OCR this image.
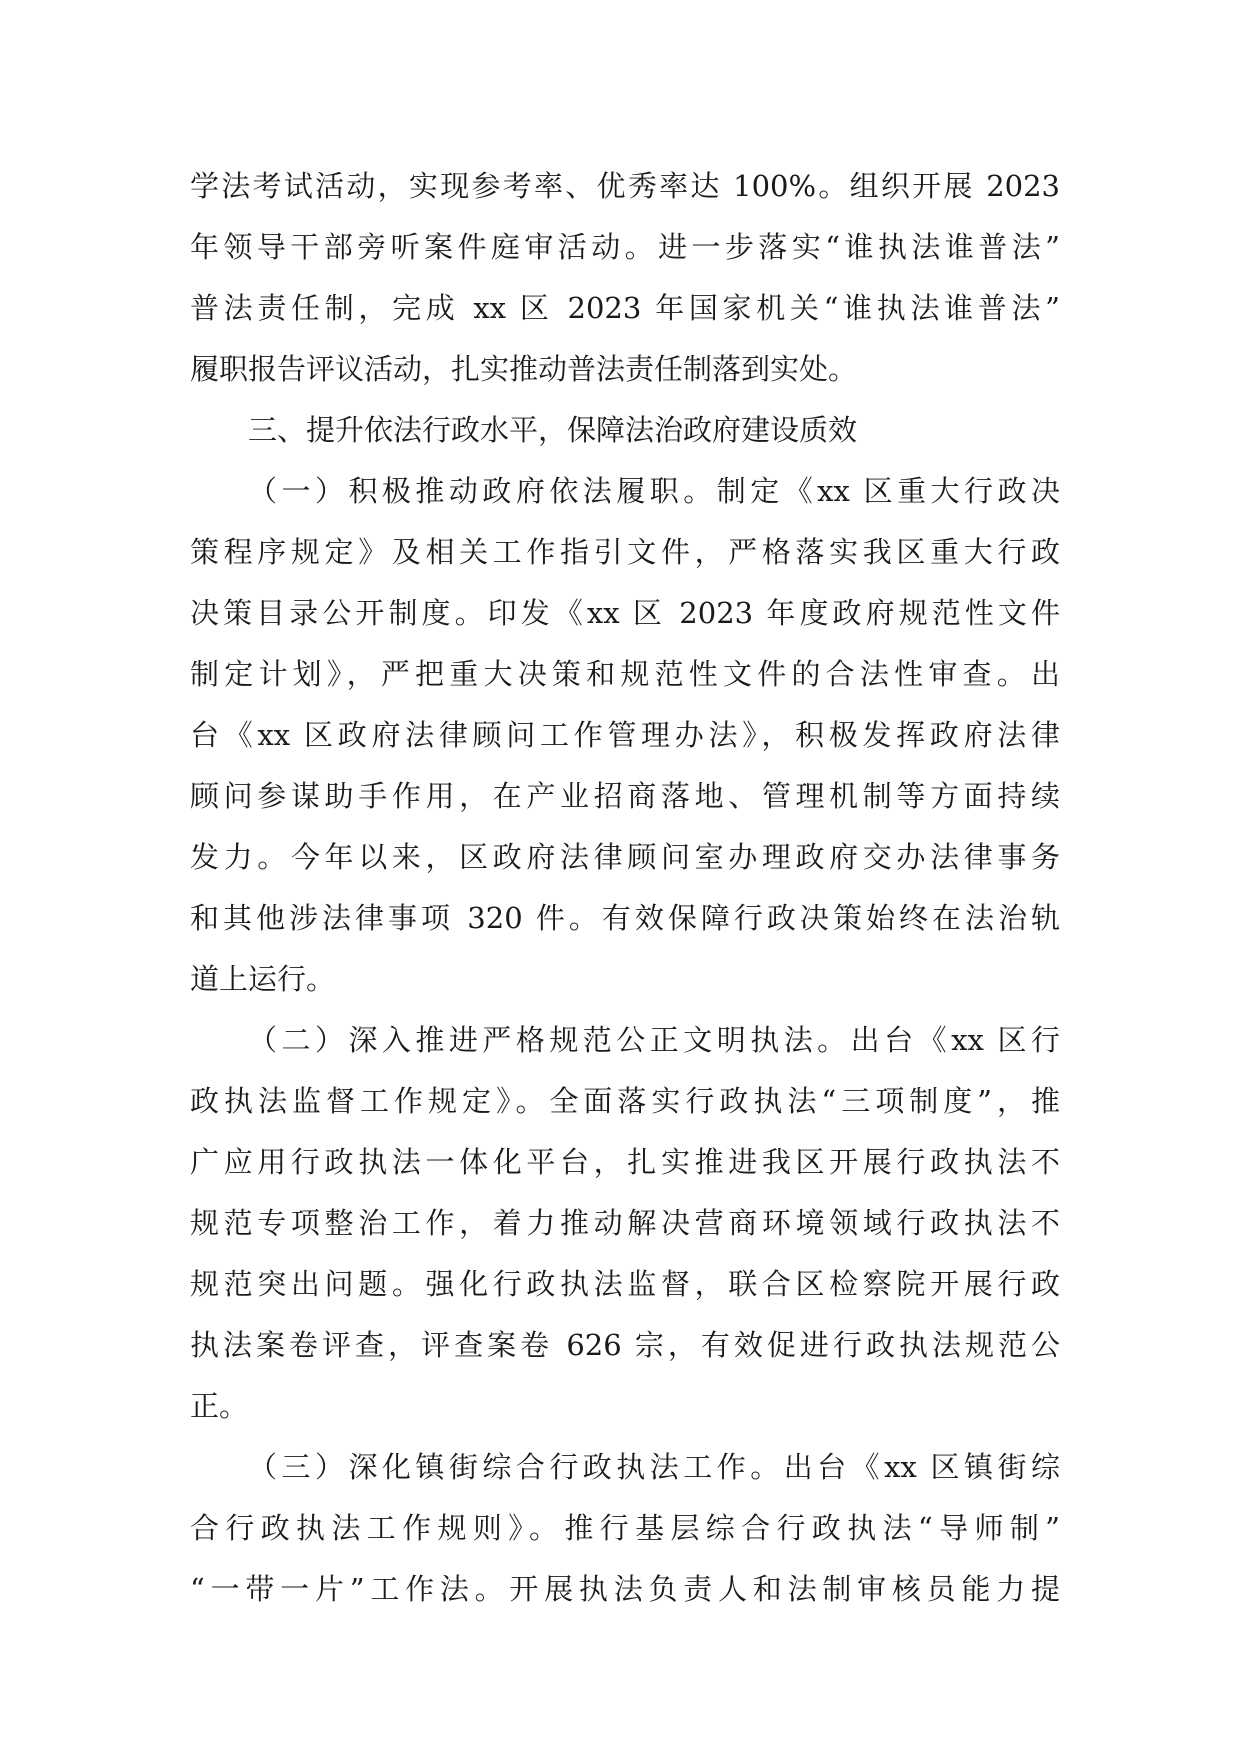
学法考试活动，实现参考率、优秀率达 100%。组织开展 2023
年领导干部旁听案件庭审活动。进一步落实“谁执法谁普法”
普法责任制，完成 xx 区 2023 年国家机关“谁执法谁普法”
履职报告评议活动，扎实推动普法责任制落到实处。
三、提升依法行政水平，保障法治政府建设质效
（一）积极推动政府依法履职。制定《xx 区重大行政决
策程序规定》及相关工作指引文件，严格落实我区重大行政
决策目录公开制度。印发《xx 区 2023 年度政府规范性文件
制定计划》，严把重大决策和规范性文件的合法性审查。出
台《xx 区政府法律顾问工作管理办法》，积极发挥政府法律
顾问参谋助手作用，在产业招商落地、管理机制等方面持续
发力。今年以来，区政府法律顾问室办理政府交办法律事务
和其他涉法律事项 320 件。有效保障行政决策始终在法治轨
道上运行。
（二）深入推进严格规范公正文明执法。出台《xx 区行
政执法监督工作规定》。全面落实行政执法“三项制度”，推
广应用行政执法一体化平台，扎实推进我区开展行政执法不
规范专项整治工作，着力推动解决营商环境领域行政执法不
规范突出问题。强化行政执法监督，联合区检察院开展行政
执法案卷评查，评查案卷 626 宗，有效促进行政执法规范公
正。
（三）深化镇街综合行政执法工作。出台《xx 区镇街综
合行政执法工作规则》。推行基层综合行政执法“导师制”
“一带一片”工作法。开展执法负责人和法制审核员能力提
